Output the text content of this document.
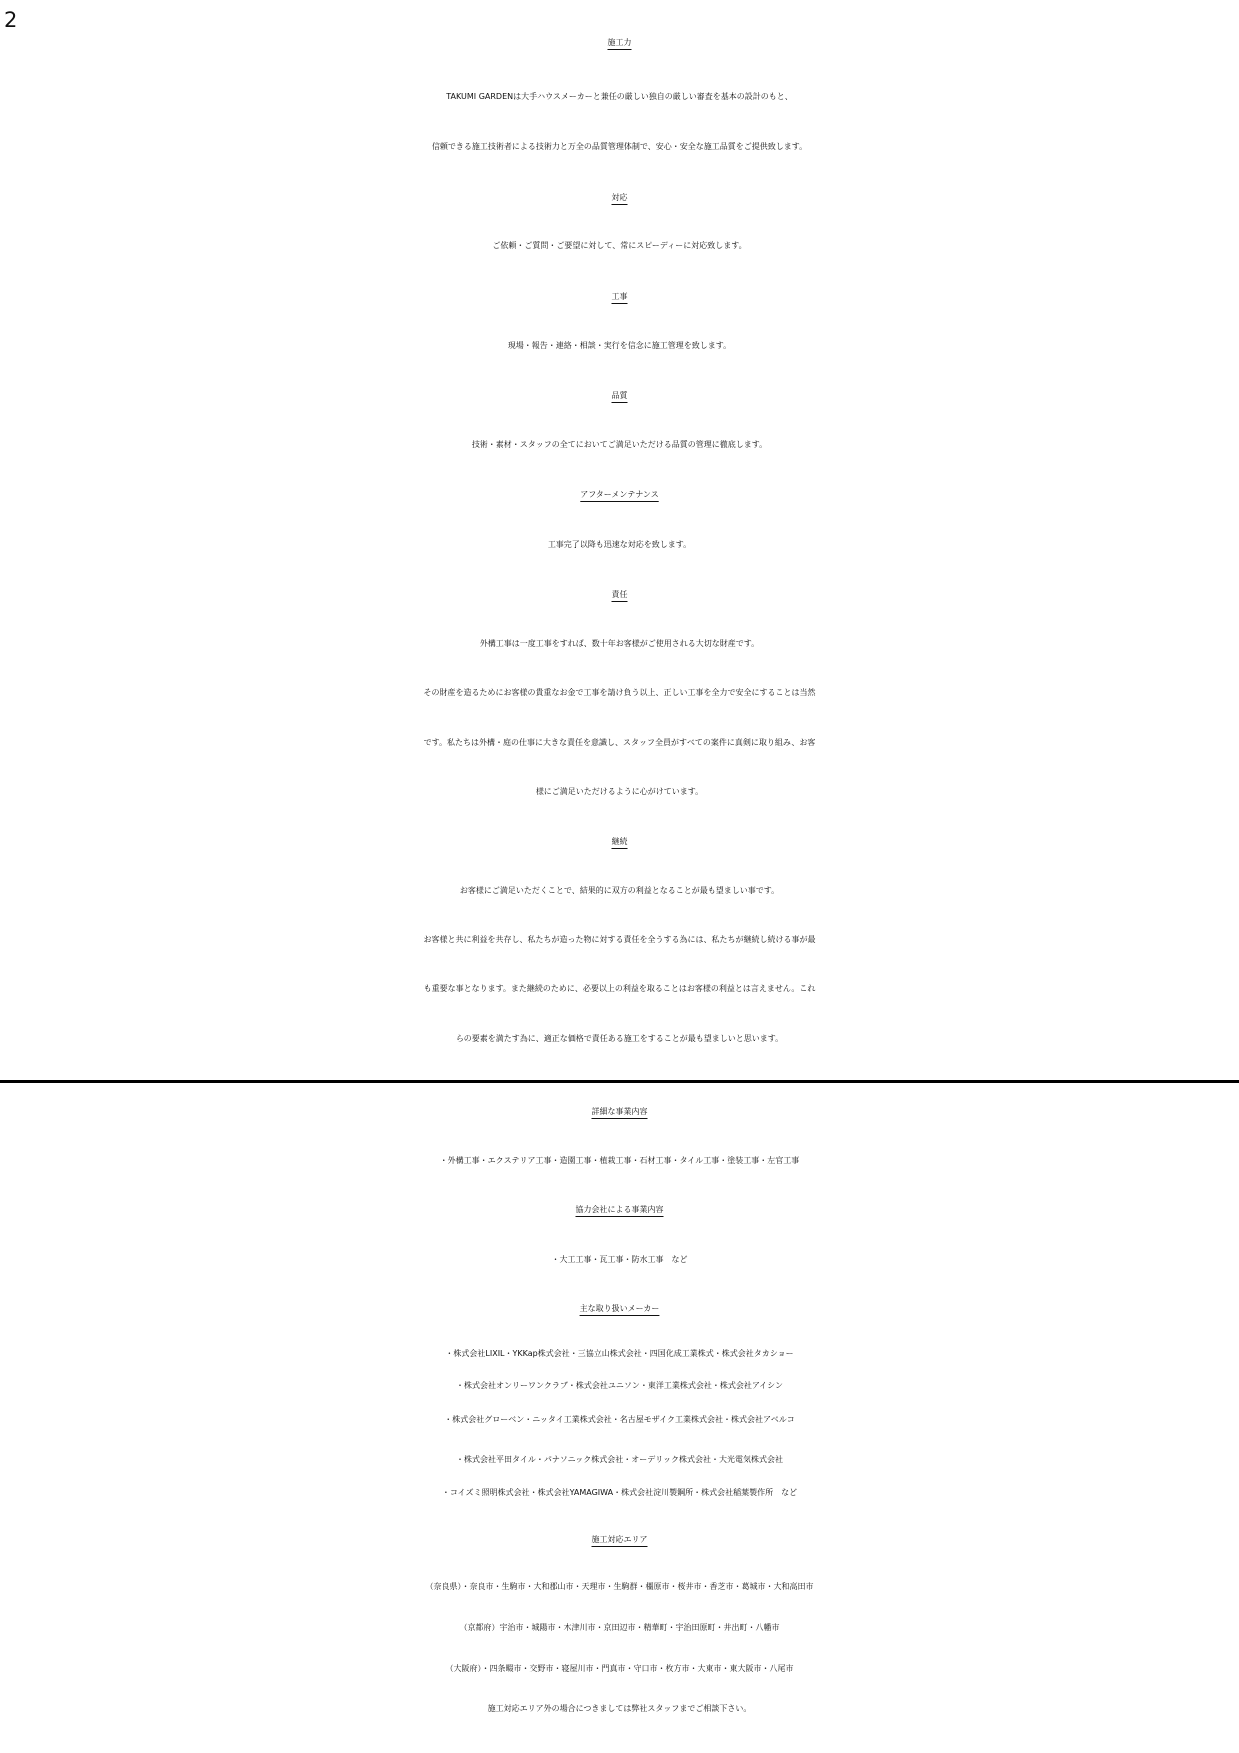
2
施工力
TAKUMI GARDENは大手ハウスメーカーと兼任の厳しい独自の厳しい審査を基本の設計のもと、
信頼できる施工技術者による技術力と万全の品質管理体制で、安心・安全な施工品質をご提供致します。
対応
ご依頼・ご質問・ご要望に対して、常にスピーディーに対応致します。
工事
現場・報告・連絡・相談・実行を信念に施工管理を致します。
品質
技術・素材・スタッフの全てにおいてご満足いただける品質の管理に徹底します。
アフターメンテナンス
工事完了以降も迅速な対応を致します。
責任
外構工事は一度工事をすれば、数十年お客様がご使用される大切な財産です。
その財産を造るためにお客様の貴重なお金で工事を請け負う以上、正しい工事を全力で安全にすることは当然
です。私たちは外構・庭の仕事に大きな責任を意識し、スタッフ全員がすべての案件に真剣に取り組み、お客
様にご満足いただけるように心がけています。
継続
お客様にご満足いただくことで、結果的に双方の利益となることが最も望ましい事です。
お客様と共に利益を共存し、私たちが造った物に対する責任を全うする為には、私たちが継続し続ける事が最
も重要な事となります。また継続のために、必要以上の利益を取ることはお客様の利益とは言えません。これ
らの要素を満たす為に、適正な価格で責任ある施工をすることが最も望ましいと思います。
詳細な事業内容
・外構工事・エクステリア工事・造園工事・植栽工事・石材工事・タイル工事・塗装工事・左官工事
協力会社による事業内容
・大工工事・瓦工事・防水工事　など
主な取り扱いメーカー
・株式会社LIXIL・YKKap株式会社・三協立山株式会社・四国化成工業株式・株式会社タカショー
・株式会社オンリーワンクラブ・株式会社ユニソン・東洋工業株式会社・株式会社アイシン
・株式会社グローベン・ニッタイ工業株式会社・名古屋モザイク工業株式会社・株式会社アベルコ
・株式会社平田タイル・パナソニック株式会社・オーデリック株式会社・大光電気株式会社
・コイズミ照明株式会社・株式会社YAMAGIWA・株式会社淀川製鋼所・株式会社稲葉製作所　など
施工対応エリア
（奈良県）・奈良市・生駒市・大和郡山市・天理市・生駒群・橿原市・桜井市・香芝市・葛城市・大和高田市
（京都府）宇治市・城陽市・木津川市・京田辺市・精華町・宇治田原町・井出町・八幡市
（大阪府）・四条畷市・交野市・寝屋川市・門真市・守口市・枚方市・大東市・東大阪市・八尾市
施工対応エリア外の場合につきましては弊社スタッフまでご相談下さい。
